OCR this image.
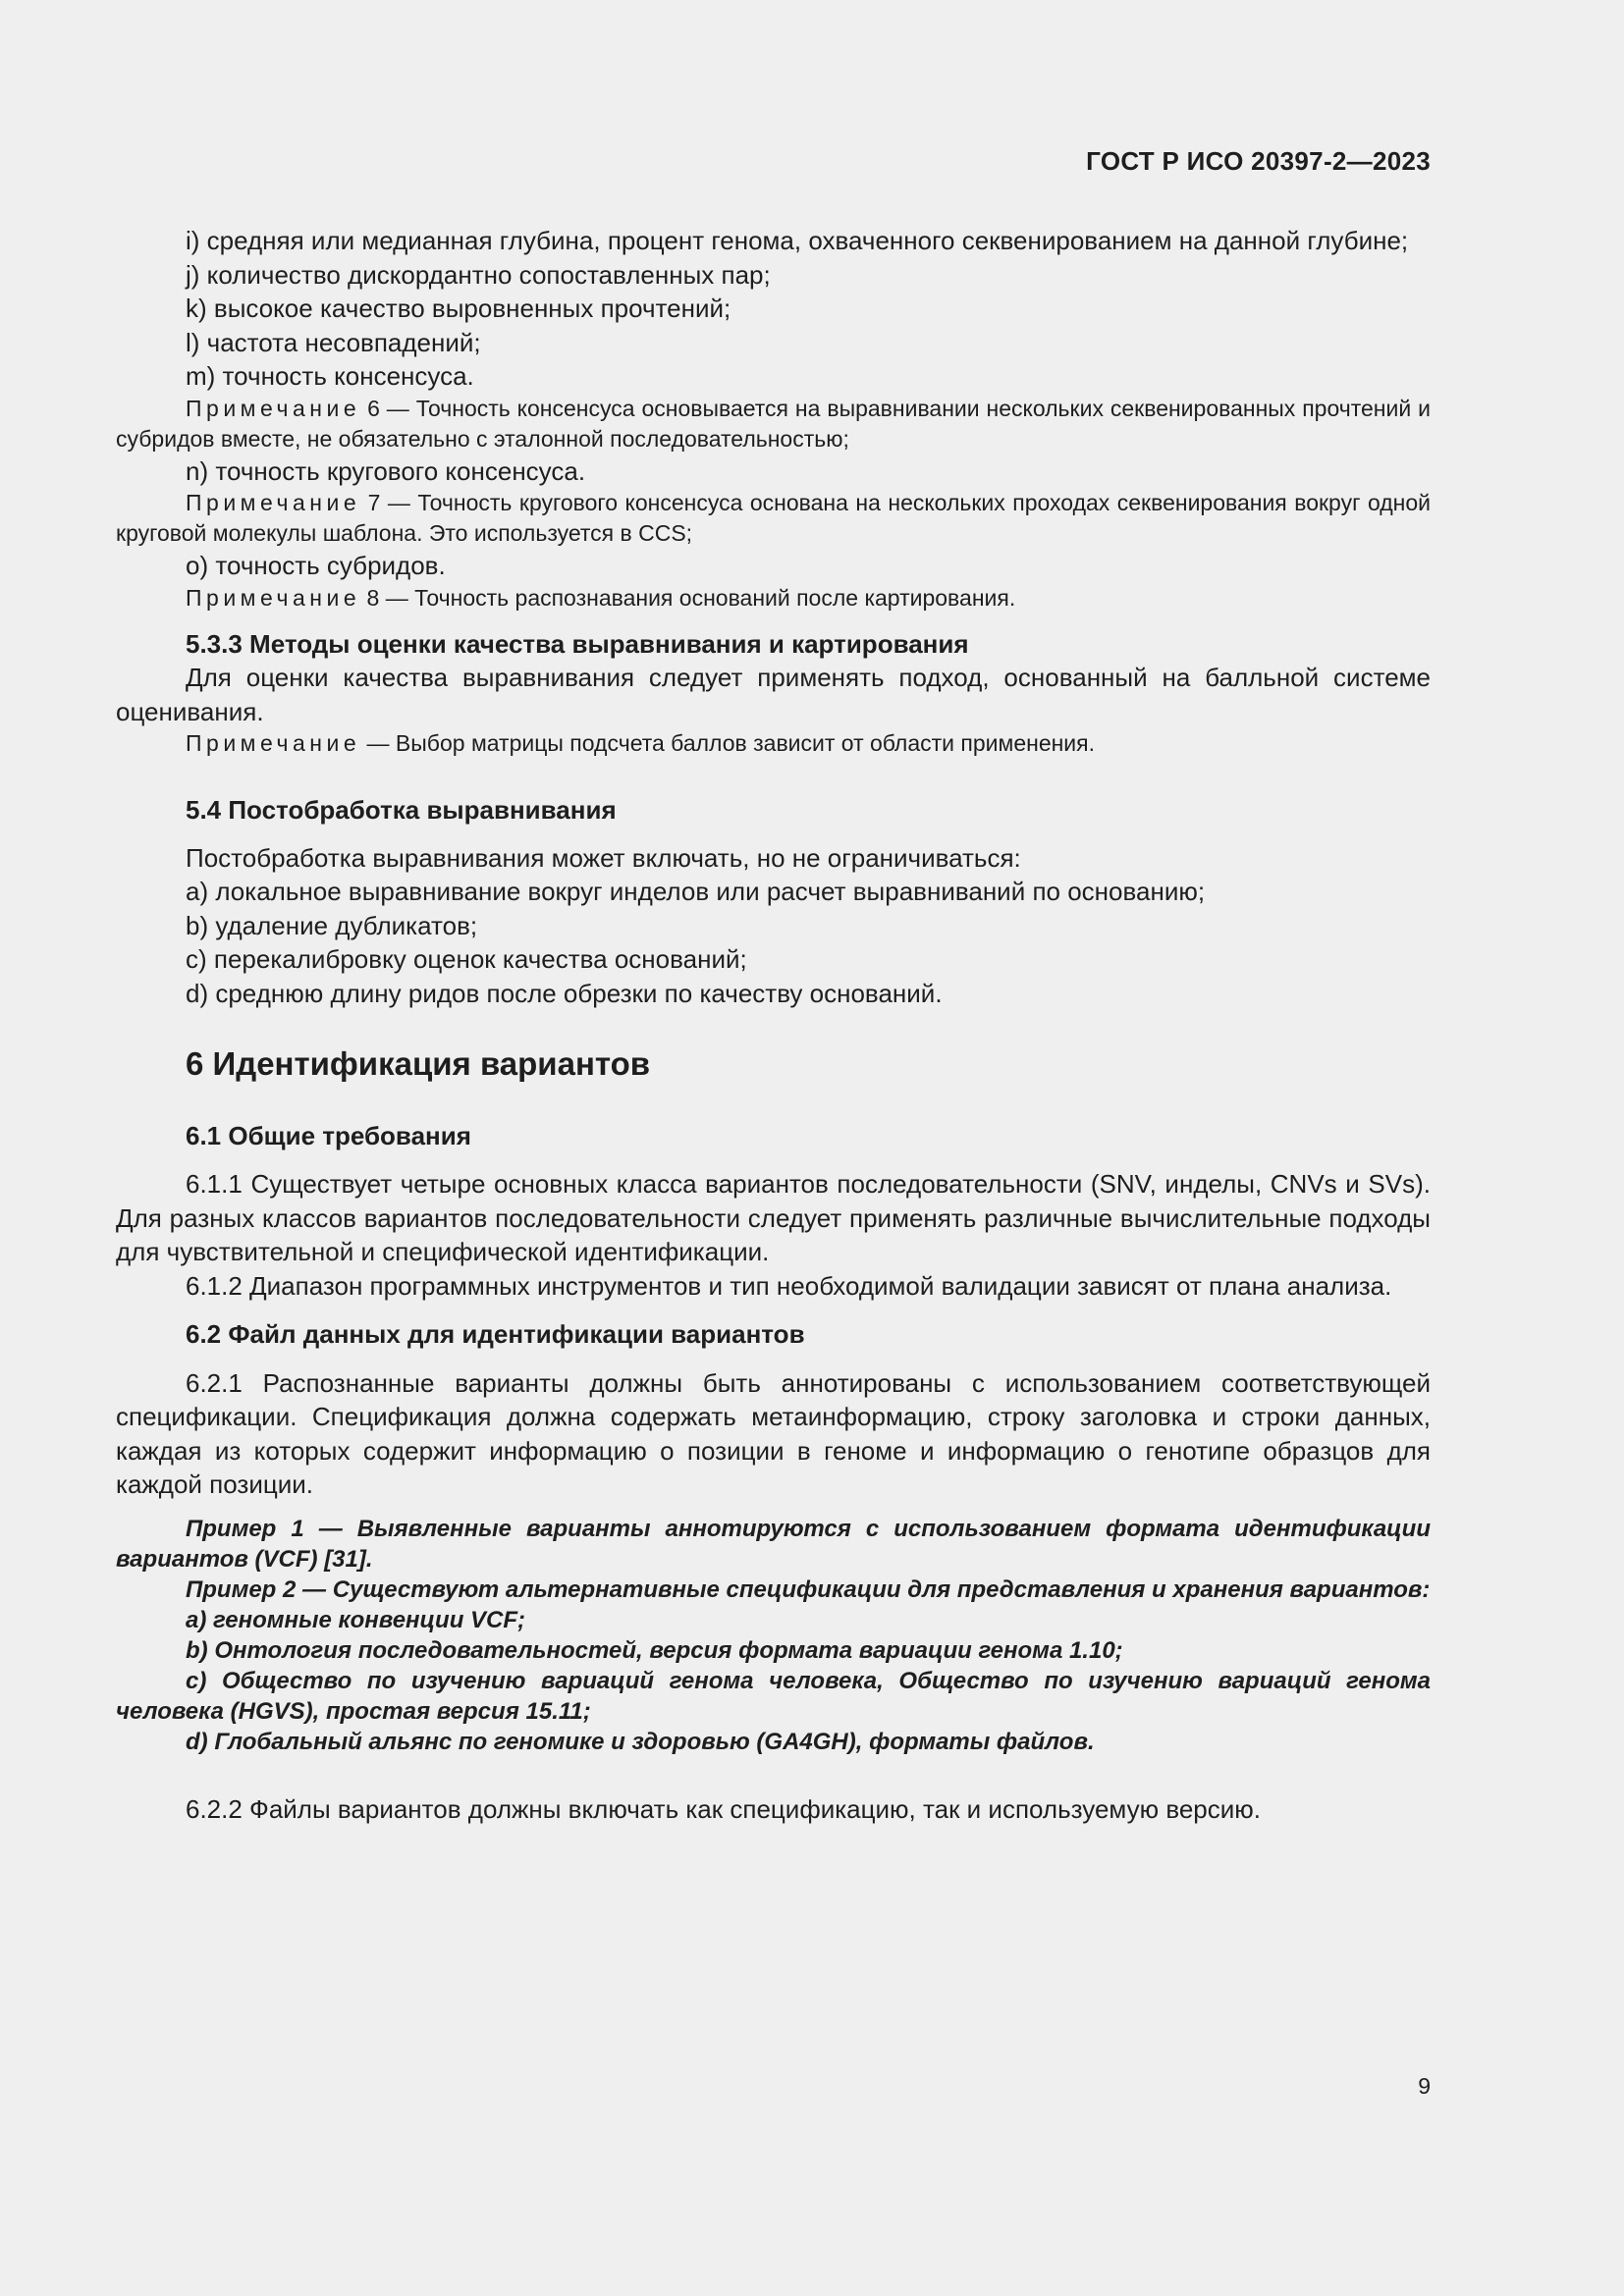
ГОСТ Р ИСО 20397-2—2023

i) средняя или медианная глубина, процент генома, охваченного секвенированием на данной глубине;

j) количество дискордантно сопоставленных пар;

k) высокое качество выровненных прочтений;

l) частота несовпадений;

m) точность консенсуса.

Примечание 6 — Точность консенсуса основывается на выравнивании нескольких секвенированных прочтений и субридов вместе, не обязательно с эталонной последовательностью;

n) точность кругового консенсуса.

Примечание 7 — Точность кругового консенсуса основана на нескольких проходах секвенирования вокруг одной круговой молекулы шаблона. Это используется в CCS;

о) точность субридов.

Примечание 8 — Точность распознавания оснований после картирования.

5.3.3 Методы оценки качества выравнивания и картирования

Для оценки качества выравнивания следует применять подход, основанный на балльной системе оценивания.

Примечание — Выбор матрицы подсчета баллов зависит от области применения.

5.4 Постобработка выравнивания

Постобработка выравнивания может включать, но не ограничиваться:

a) локальное выравнивание вокруг инделов или расчет выравниваний по основанию;

b) удаление дубликатов;

c) перекалибровку оценок качества оснований;

d) среднюю длину ридов после обрезки по качеству оснований.

6 Идентификация вариантов

6.1 Общие требования

6.1.1 Существует четыре основных класса вариантов последовательности (SNV, инделы, CNVs и SVs). Для разных классов вариантов последовательности следует применять различные вычислительные подходы для чувствительной и специфической идентификации.

6.1.2 Диапазон программных инструментов и тип необходимой валидации зависят от плана анализа.

6.2 Файл данных для идентификации вариантов

6.2.1 Распознанные варианты должны быть аннотированы с использованием соответствующей спецификации. Спецификация должна содержать метаинформацию, строку заголовка и строки данных, каждая из которых содержит информацию о позиции в геноме и информацию о генотипе образцов для каждой позиции.

Пример 1 — Выявленные варианты аннотируются с использованием формата идентификации вариантов (VCF) [31].

Пример 2 — Существуют альтернативные спецификации для представления и хранения вариантов:

a) геномные конвенции VCF;

b) Онтология последовательностей, версия формата вариации генома 1.10;

c) Общество по изучению вариаций генома человека, Общество по изучению вариаций генома человека (HGVS), простая версия 15.11;

d) Глобальный альянс по геномике и здоровью (GA4GH), форматы файлов.

6.2.2 Файлы вариантов должны включать как спецификацию, так и используемую версию.

9
